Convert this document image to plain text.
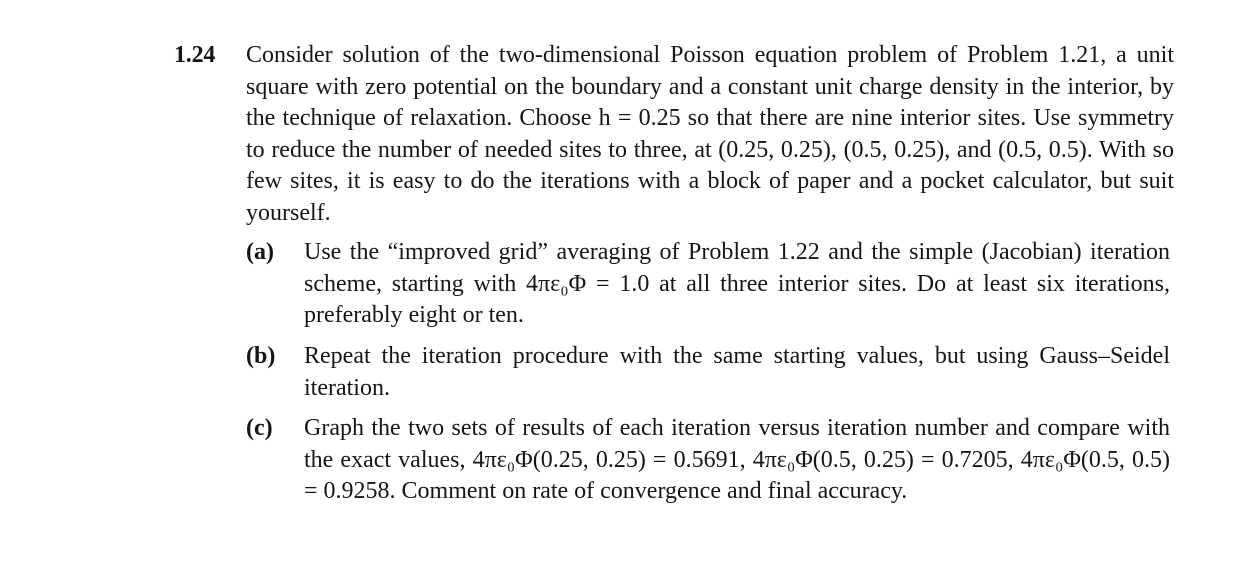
1.24 Consider solution of the two-dimensional Poisson equation problem of Problem 1.21, a unit square with zero potential on the boundary and a constant unit charge density in the interior, by the technique of relaxation. Choose h = 0.25 so that there are nine interior sites. Use symmetry to reduce the number of needed sites to three, at (0.25, 0.25), (0.5, 0.25), and (0.5, 0.5). With so few sites, it is easy to do the iterations with a block of paper and a pocket calculator, but suit yourself.

(a) Use the “improved grid” averaging of Problem 1.22 and the simple (Jacobian) iteration scheme, starting with 4πε₀Φ = 1.0 at all three interior sites. Do at least six iterations, preferably eight or ten.

(b) Repeat the iteration procedure with the same starting values, but using Gauss–Seidel iteration.

(c) Graph the two sets of results of each iteration versus iteration number and compare with the exact values, 4πε₀Φ(0.25, 0.25) = 0.5691, 4πε₀Φ(0.5, 0.25) = 0.7205, 4πε₀Φ(0.5, 0.5) = 0.9258. Comment on rate of convergence and final accuracy.
